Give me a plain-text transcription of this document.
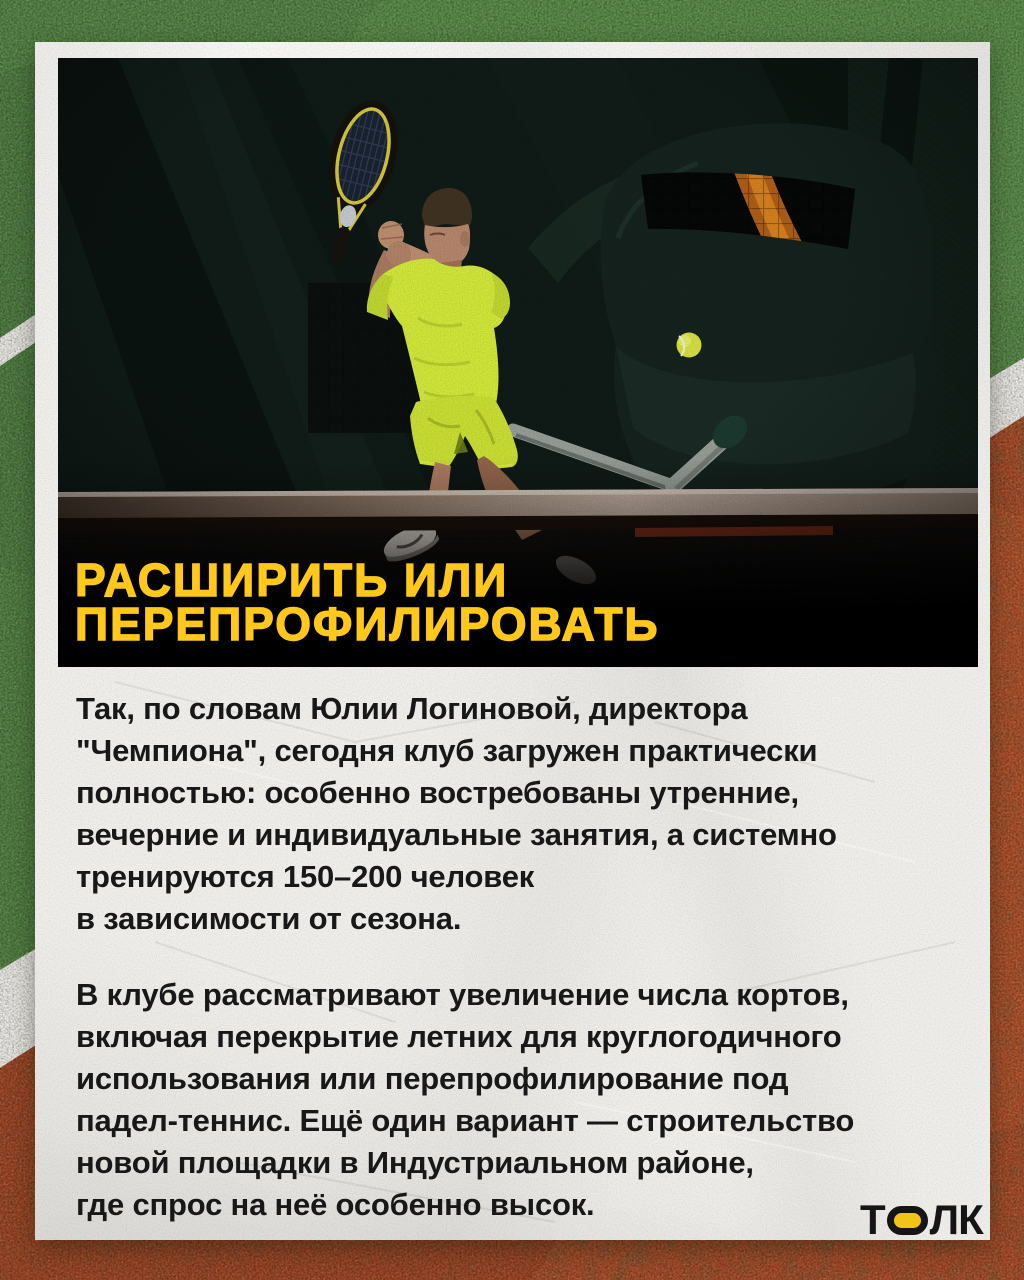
РАСШИРИТЬ ИЛИ
ПЕРЕПРОФИЛИРОВАТЬ
Так, по словам Юлии Логиновой, директора
"Чемпиона", сегодня клуб загружен практически
полностью: особенно востребованы утренние,
вечерние и индивидуальные занятия, а системно
тренируются 150–200 человек
в зависимости от сезона.
В клубе рассматривают увеличение числа кортов,
включая перекрытие летних для круглогодичного
использования или перепрофилирование под
падел-теннис. Ещё один вариант — строительство
новой площадки в Индустриальном районе,
где спрос на неё особенно высок.	Т ЛК
